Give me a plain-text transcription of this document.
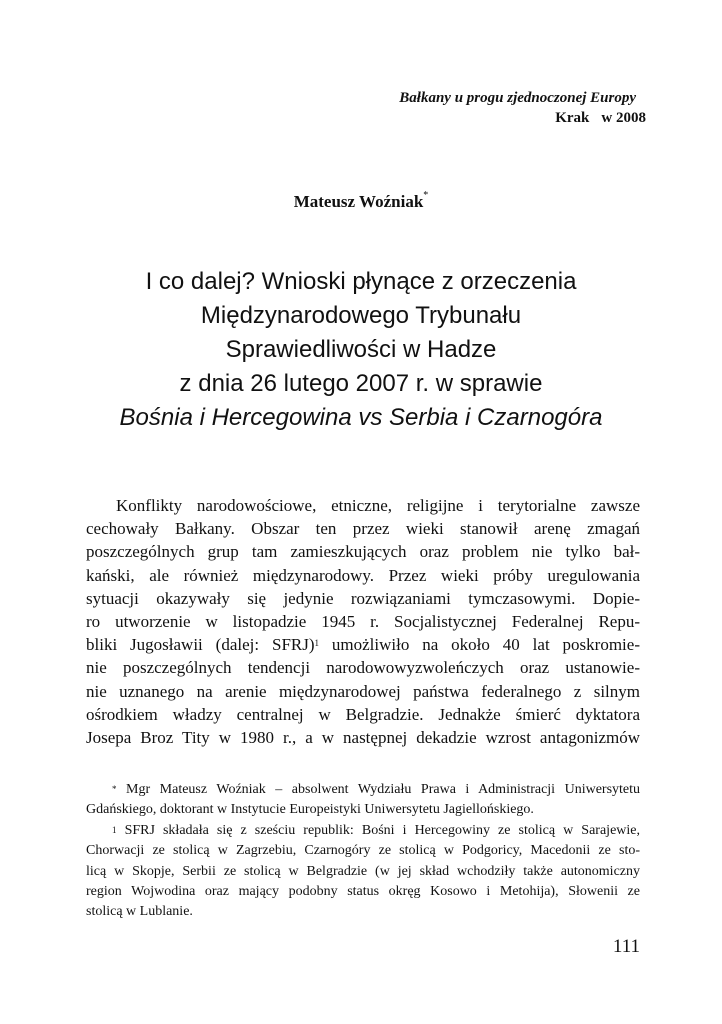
Bałkany u progu zjednoczonej Europy
Krak w 2008
Mateusz Woźniak*
I co dalej? Wnioski płynące z orzeczenia
Międzynarodowego Trybunału
Sprawiedliwości w Hadze
z dnia 26 lutego 2007 r. w sprawie
Bośnia i Hercegowina vs Serbia i Czarnogóra
Konflikty narodowościowe, etniczne, religijne i terytorialne zawsze
cechowały Bałkany. Obszar ten przez wieki stanowił arenę zmagań
poszczególnych grup tam zamieszkujących oraz problem nie tylko bał-
kański, ale również międzynarodowy. Przez wieki próby uregulowania
sytuacji okazywały się jedynie rozwiązaniami tymczasowymi. Dopie-
ro utworzenie w listopadzie 1945 r. Socjalistycznej Federalnej Repu-
bliki Jugosławii (dalej: SFRJ)$^1$ umożliwiło na około 40 lat poskromie-
nie poszczególnych tendencji narodowowyzwoleńczych oraz ustanowie-
nie uznanego na arenie międzynarodowej państwa federalnego z silnym
ośrodkiem władzy centralnej w Belgradzie. Jednakże śmierć dyktatora
Josepa Broz Tity w 1980 r., a w następnej dekadzie wzrost antagonizmów
* Mgr Mateusz Woźniak – absolwent Wydziału Prawa i Administracji Uniwersytetu
Gdańskiego, doktorant w Instytucie Europeistyki Uniwersytetu Jagiellońskiego.
$^1$ SFRJ składała się z sześciu republik: Bośni i Hercegowiny ze stolicą w Sarajewie,
Chorwacji ze stolicą w Zagrzebiu, Czarnogóry ze stolicą w Podgoricy, Macedonii ze sto-
licą w Skopje, Serbii ze stolicą w Belgradzie (w jej skład wchodziły także autonomiczny
region Wojwodina oraz mający podobny status okręg Kosowo i Metohija), Słowenii ze
stolicą w Lublanie.
111
